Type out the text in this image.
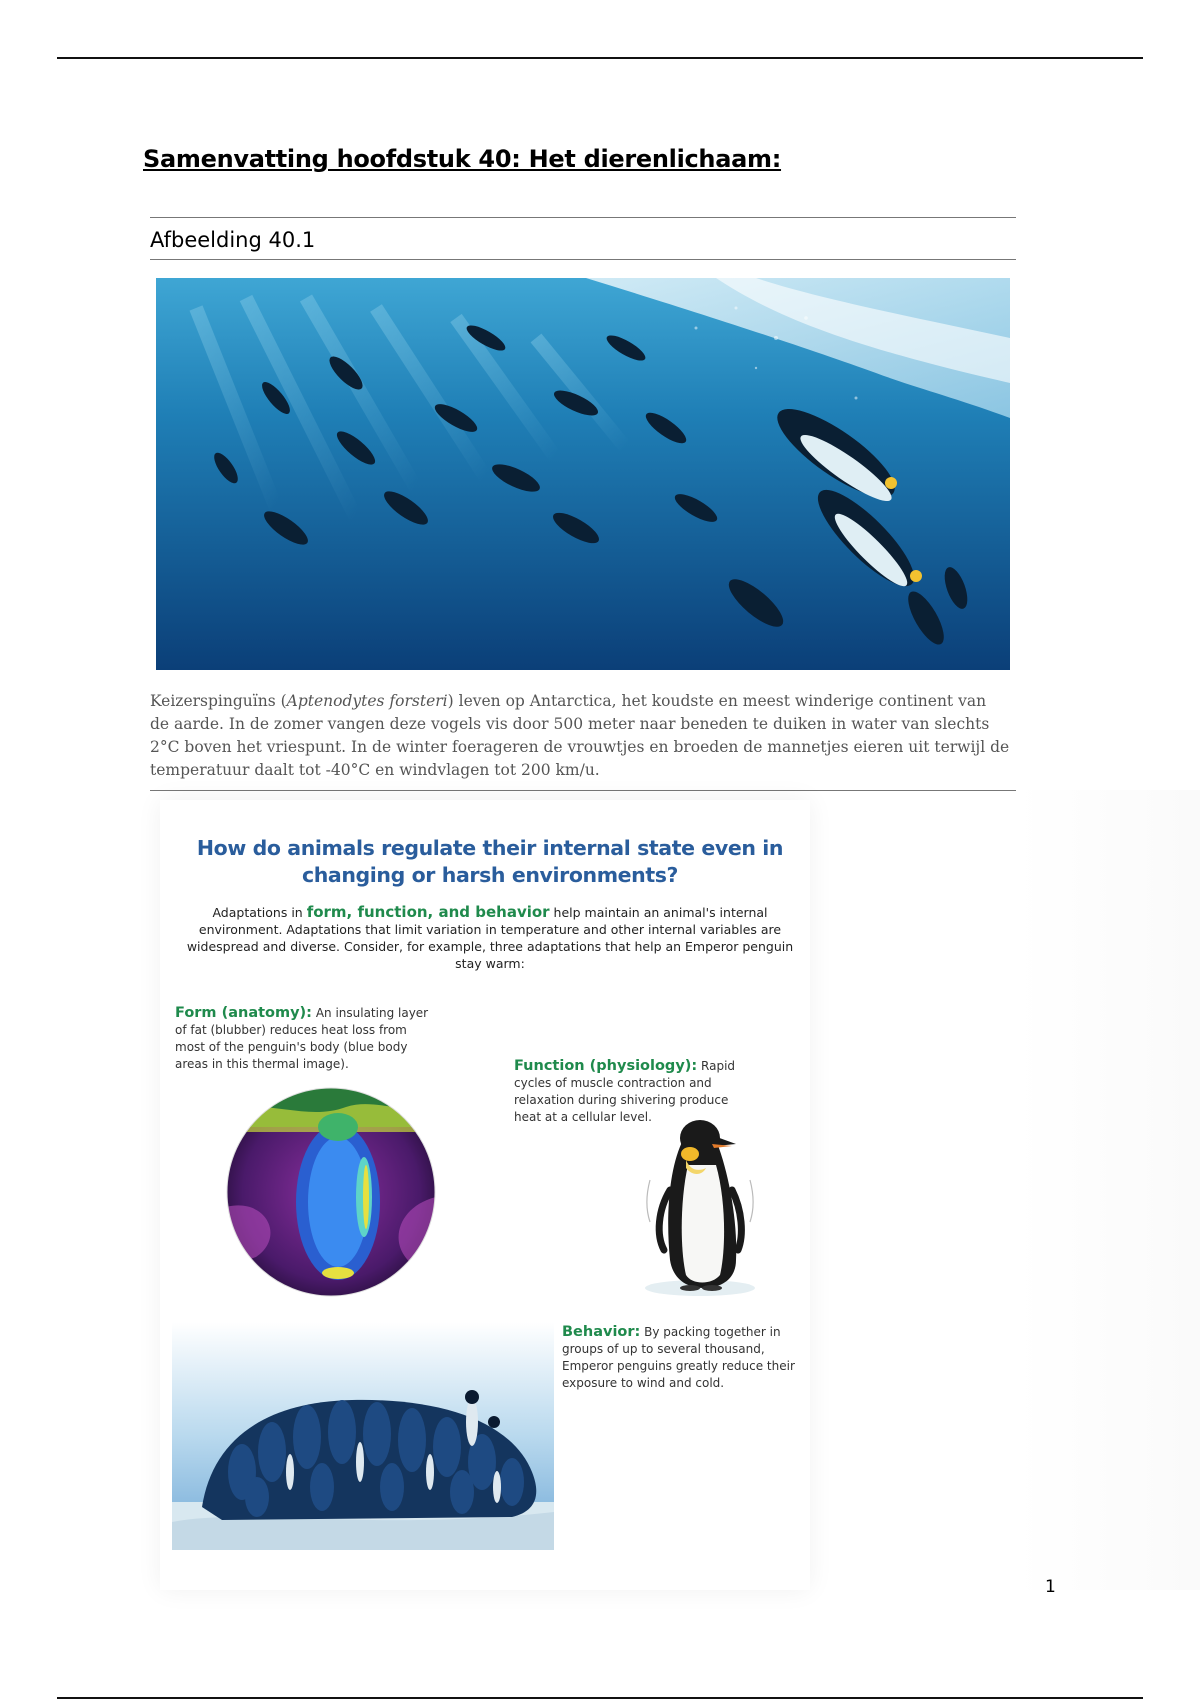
Samenvatting hoofdstuk 40: Het dierenlichaam:
Afbeelding 40.1
Keizerspinguïns (Aptenodytes forsteri) leven op Antarctica, het koudste en meest winderige continent van de aarde. In de zomer vangen deze vogels vis door 500 meter naar beneden te duiken in water van slechts 2°C boven het vriespunt. In de winter foerageren de vrouwtjes en broeden de mannetjes eieren uit terwijl de temperatuur daalt tot -40°C en windvlagen tot 200 km/u.
How do animals regulate their internal state even in changing or harsh environments?
Adaptations in form, function, and behavior help maintain an animal's internal environment. Adaptations that limit variation in temperature and other internal variables are widespread and diverse. Consider, for example, three adaptations that help an Emperor penguin stay warm:
Form (anatomy): An insulating layer of fat (blubber) reduces heat loss from most of the penguin's body (blue body areas in this thermal image).	Function (physiology): Rapid cycles of muscle contraction and relaxation during shivering produce heat at a cellular level.
Behavior: By packing together in groups of up to several thousand, Emperor penguins greatly reduce their exposure to wind and cold.
1
